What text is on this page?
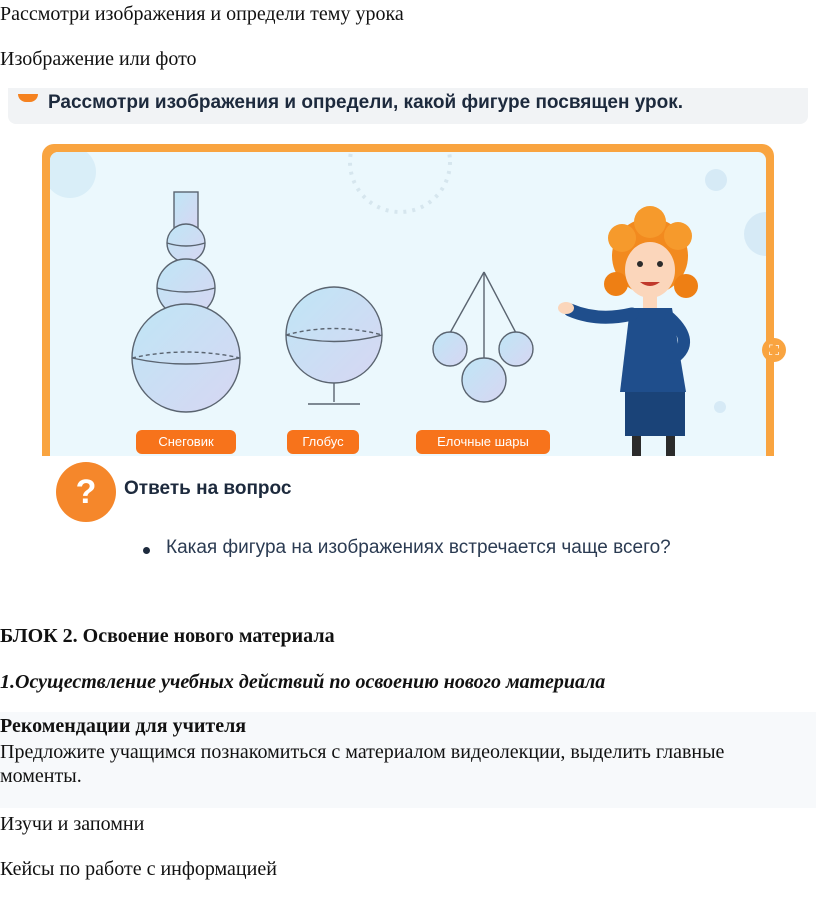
Рассмотри изображения и определи тему урока
Изображение или фото
Рассмотри изображения и определи, какой фигуре посвящен урок.
Снеговик	Глобус	Елочные шары
⛶
?	Ответь на вопрос
Какая фигура на изображениях встречается чаще всего?
БЛОК 2. Освоение нового материала
1.Осуществление учебных действий по освоению нового материала
Рекомендации для учителя
Предложите учащимся познакомиться с материалом видеолекции, выделить главные
моменты.
Изучи и запомни
Кейсы по работе с информацией
